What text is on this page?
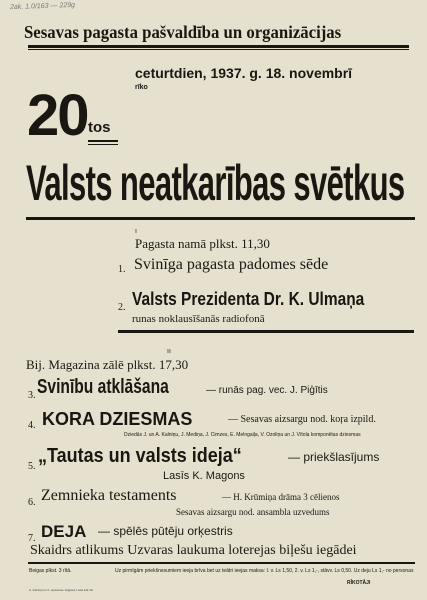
2ak. 1.0/163 — 229g
Sesavas pagasta pašvaldība un organizācijas
ceturtdien, 1937. g. 18. novembrī
rīko
20 tos
Valsts neatkarības svētkus
ı
Pagasta namā plkst. 11,30
1. Svinīga pagasta padomes sēde
2. Valsts Prezidenta Dr. K. Ulmaņa
runas noklausīšanās radiofonā
ıı
Bij. Magazina zālē plkst. 17,30
3. Svinību atklāšana	— runās pag. vec. J. Piģītis
4. KORA DZIESMAS	— Sesavas aizsargu nod. koŗa izpild.
Dziedās J. un A. Kalniņu, J. Mediņa, J. Cimzes, E. Melngaiļa, V. Ozoliņa un J. Vītola komponētas dziesmas
5. „Tautas un valsts ideja“	— priekšlasījums
Lasīs K. Magons
6. Zemnieka testaments	— H. Krūmiņa drāma 3 cēlienos
Sesavas aizsargu nod. ansamblа uzvedums
7. DEJA — spēlēs pūtēju orķestris
Skaidrs atlikums Uzvaras laukuma loterejas biļešu iegādei
Beigas plkst. 3 rītā.	Uz pirmīgām priekšnesumiem ieeja brīva bet uz teātri ieejas maksa: I. v. Ls 1,50, 2. v. Ls 1,-, stāvv. Ls 0,50. Uz deju Ls 1,- no personas
RĪKOTĀJI
A. Kalniņa un b. spiestuve Jelgavā, Lielā ielā 19.
